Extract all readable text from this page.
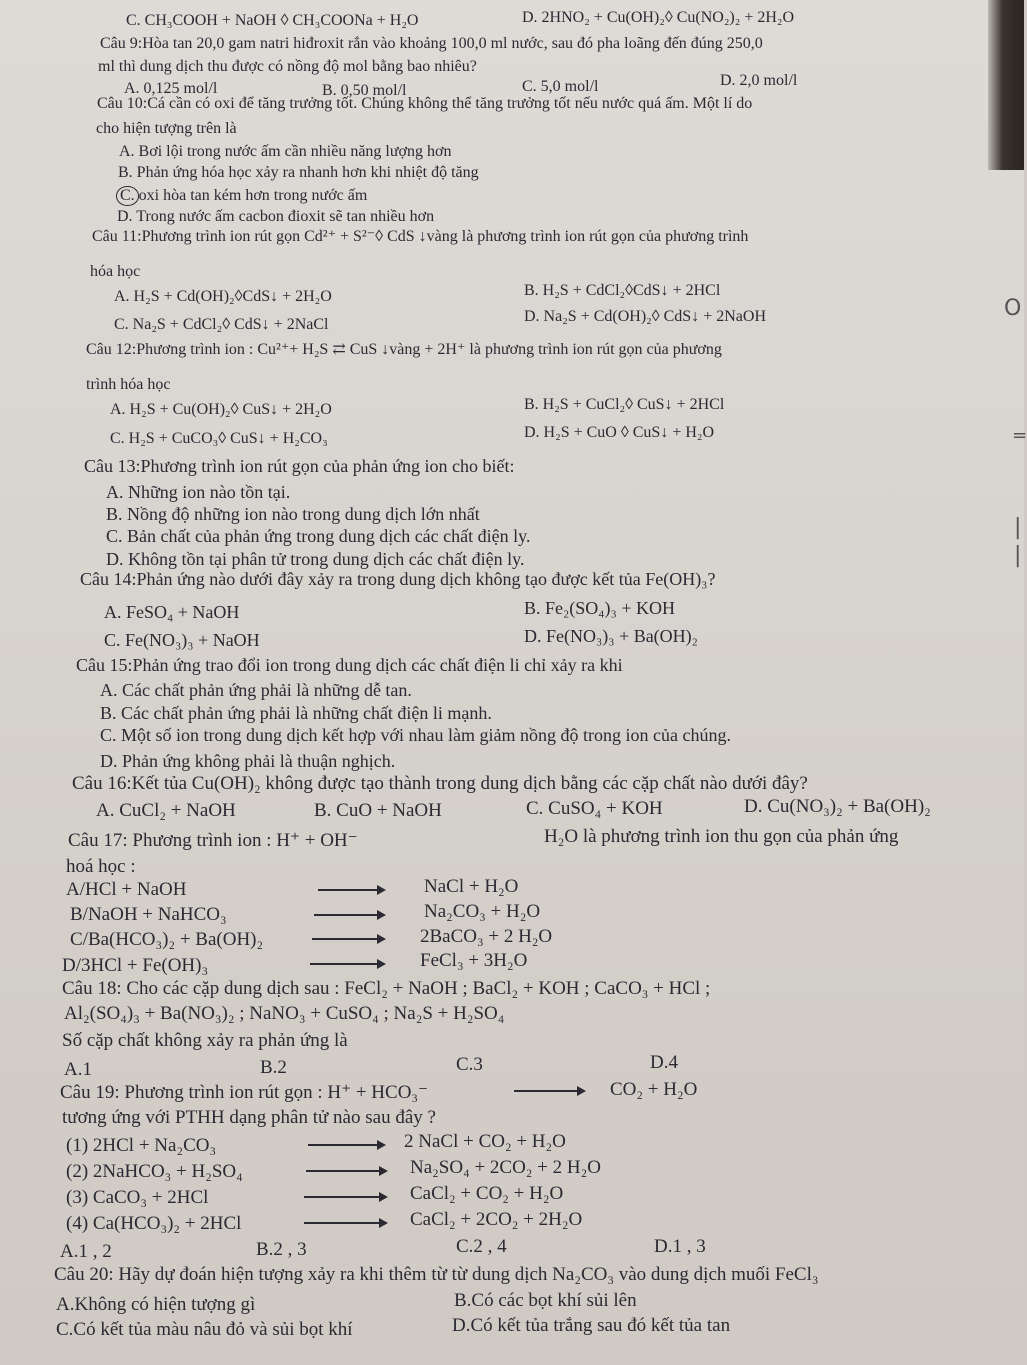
O
=
|
|
C. CH₃COOH + NaOH ◊ CH₃COONa + H₂O	D. 2HNO₂ + Cu(OH)₂◊ Cu(NO₂)₂ + 2H₂O
Câu 9:Hòa tan 20,0 gam natri hiđroxit rắn vào khoảng 100,0 ml nước, sau đó pha loãng đến đúng 250,0
ml thì dung dịch thu được có nồng độ mol bằng bao nhiêu?
A. 0,125 mol/l	B. 0,50 mol/l	C. 5,0 mol/l	D. 2,0 mol/l
Câu 10:Cá cần có oxi để tăng trưởng tốt. Chúng không thể tăng trưởng tốt nếu nước quá ấm. Một lí do
cho hiện tượng trên là
A. Bơi lội trong nước ấm cần nhiều năng lượng hơn
B. Phản ứng hóa học xảy ra nhanh hơn khi nhiệt độ tăng
C. oxi hòa tan kém hơn trong nước ấm
D. Trong nước ấm cacbon đioxit sẽ tan nhiều hơn
Câu 11:Phương trình ion rút gọn Cd²⁺ + S²⁻◊ CdS ↓vàng là phương trình ion rút gọn của phương trình
hóa học
A. H₂S + Cd(OH)₂◊CdS↓ + 2H₂O	B. H₂S + CdCl₂◊CdS↓ + 2HCl
C. Na₂S + CdCl₂◊ CdS↓ + 2NaCl	D. Na₂S + Cd(OH)₂◊ CdS↓ + 2NaOH
Câu 12:Phương trình ion : Cu²⁺+ H₂S ⇄ CuS ↓vàng + 2H⁺ là phương trình ion rút gọn của phương
trình hóa học
A. H₂S + Cu(OH)₂◊ CuS↓ + 2H₂O	B. H₂S + CuCl₂◊ CuS↓ + 2HCl
C. H₂S + CuCO₃◊ CuS↓ + H₂CO₃	D. H₂S + CuO ◊ CuS↓ + H₂O
Câu 13:Phương trình ion rút gọn của phản ứng ion cho biết:
A. Những ion nào tồn tại.
B. Nồng độ những ion nào trong dung dịch lớn nhất
C. Bản chất của phản ứng trong dung dịch các chất điện ly.
D. Không tồn tại phân tử trong dung dịch các chất điện ly.
Câu 14:Phản ứng nào dưới đây xảy ra trong dung dịch không tạo được kết tủa Fe(OH)₃?
A. FeSO₄ + NaOH	B. Fe₂(SO₄)₃ + KOH
C. Fe(NO₃)₃ + NaOH	D. Fe(NO₃)₃ + Ba(OH)₂
Câu 15:Phản ứng trao đổi ion trong dung dịch các chất điện li chỉ xảy ra khi
A. Các chất phản ứng phải là những dễ tan.
B. Các chất phản ứng phải là những chất điện li mạnh.
C. Một số ion trong dung dịch kết hợp với nhau làm giảm nồng độ trong ion của chúng.
D. Phản ứng không phải là thuận nghịch.
Câu 16:Kết tủa Cu(OH)₂ không được tạo thành trong dung dịch bằng các cặp chất nào dưới đây?
A. CuCl₂ + NaOH	B. CuO + NaOH	C. CuSO₄ + KOH	D. Cu(NO₃)₂ + Ba(OH)₂
Câu 17: Phương trình ion : H⁺ + OH⁻	H₂O là phương trình ion thu gọn của phản ứng
hoá học :
A/HCl + NaOH	NaCl + H₂O
B/NaOH + NaHCO₃	Na₂CO₃ + H₂O
C/Ba(HCO₃)₂ + Ba(OH)₂	2BaCO₃ + 2 H₂O
D/3HCl + Fe(OH)₃	FeCl₃ + 3H₂O
Câu 18: Cho các cặp dung dịch sau : FeCl₂ + NaOH ; BaCl₂ + KOH ; CaCO₃ + HCl ;
Al₂(SO₄)₃ + Ba(NO₃)₂ ; NaNO₃ + CuSO₄ ; Na₂S + H₂SO₄
Số cặp chất không xảy ra phản ứng là
A.1	B.2	C.3	D.4
Câu 19: Phương trình ion rút gọn : H⁺ + HCO₃⁻	CO₂ + H₂O
tương ứng với PTHH dạng phân tử nào sau đây ?
(1) 2HCl + Na₂CO₃	2 NaCl + CO₂ + H₂O
(2) 2NaHCO₃ + H₂SO₄	Na₂SO₄ + 2CO₂ + 2 H₂O
(3) CaCO₃ + 2HCl	CaCl₂ + CO₂ + H₂O
(4) Ca(HCO₃)₂ + 2HCl	CaCl₂ + 2CO₂ + 2H₂O
A.1 , 2	B.2 , 3	C.2 , 4	D.1 , 3
Câu 20: Hãy dự đoán hiện tượng xảy ra khi thêm từ từ dung dịch Na₂CO₃ vào dung dịch muối FeCl₃
A.Không có hiện tượng gì	B.Có các bọt khí sủi lên
C.Có kết tủa màu nâu đỏ và sủi bọt khí	D.Có kết tủa trắng sau đó kết tủa tan
